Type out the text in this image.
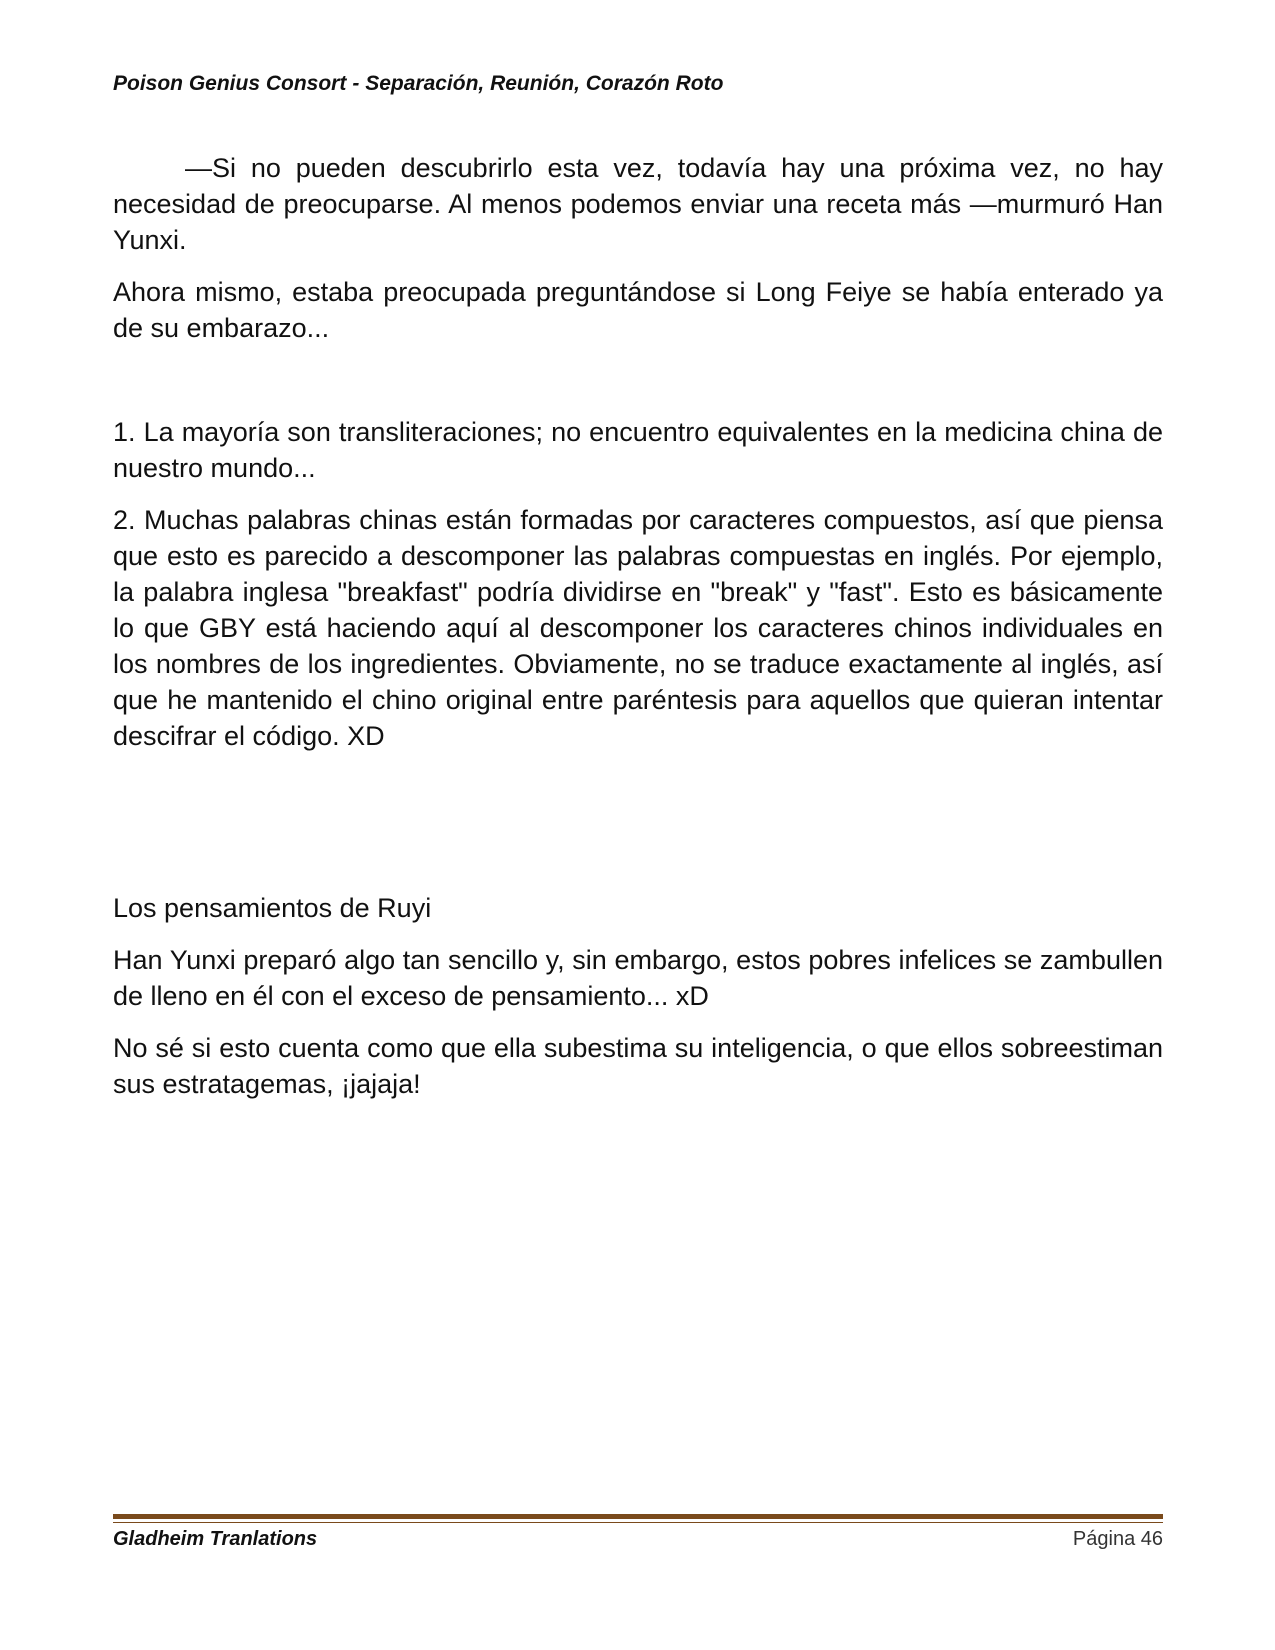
Poison Genius Consort - Separación, Reunión, Corazón Roto

—Si no pueden descubrirlo esta vez, todavía hay una próxima vez, no hay necesidad de preocuparse. Al menos podemos enviar una receta más —murmuró Han Yunxi.

Ahora mismo, estaba preocupada preguntándose si Long Feiye se había enterado ya de su embarazo...

1. La mayoría son transliteraciones; no encuentro equivalentes en la medicina china de nuestro mundo...

2. Muchas palabras chinas están formadas por caracteres compuestos, así que piensa que esto es parecido a descomponer las palabras compuestas en inglés. Por ejemplo, la palabra inglesa "breakfast" podría dividirse en "break" y "fast". Esto es básicamente lo que GBY está haciendo aquí al descomponer los caracteres chinos individuales en los nombres de los ingredientes. Obviamente, no se traduce exactamente al inglés, así que he mantenido el chino original entre paréntesis para aquellos que quieran intentar descifrar el código. XD

Los pensamientos de Ruyi

Han Yunxi preparó algo tan sencillo y, sin embargo, estos pobres infelices se zambullen de lleno en él con el exceso de pensamiento... xD

No sé si esto cuenta como que ella subestima su inteligencia, o que ellos sobreestiman sus estratagemas, ¡jajaja!

Gladheim Tranlations	Página 46
